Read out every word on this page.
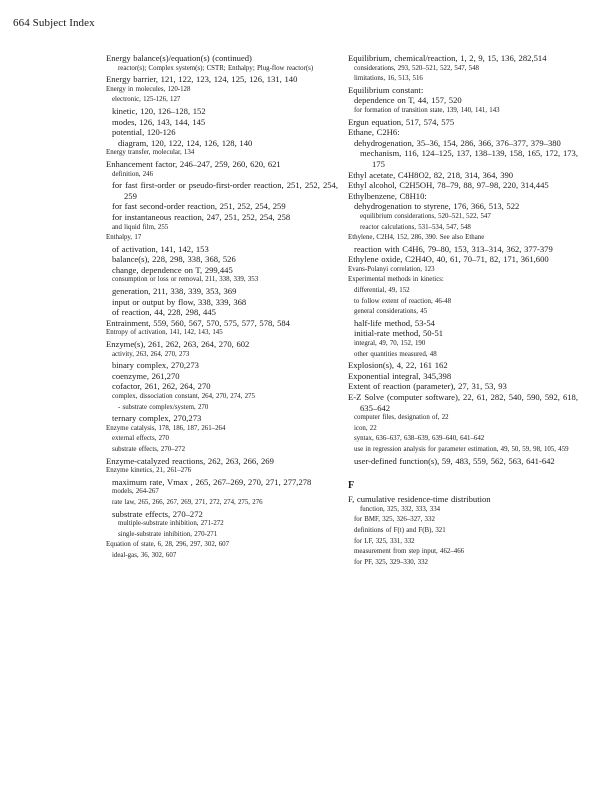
664 Subject Index
Energy balance(s)/equation(s) (continued)
reactor(s); Complex system(s); CSTR; Enthalpy; Plug-flow reactor(s)
Energy barrier, 121, 122, 123, 124, 125, 126, 131, 140
Energy in molecules, 120-128
electronic, 125-126, 127
kinetic, 120, 126–128, 152
modes, 126, 143, 144, 145
potential, 120-126
diagram, 120, 122, 124, 126, 128, 140
Energy transfer, molecular, 134
Enhancement factor, 246–247, 259, 260, 620, 621
definition, 246
for fast first-order or pseudo-first-order reaction, 251, 252, 254, 259
for fast second-order reaction, 251, 252, 254, 259
for instantaneous reaction, 247, 251, 252, 254, 258
and liquid film, 255
Enthalpy, 17
of activation, 141, 142, 153
balance(s), 228, 298, 338, 368, 526
change, dependence on T, 299,445
consumption or loss or removal, 211, 338, 339, 353
generation, 211, 338, 339, 353, 369
input or output by flow, 338, 339, 368
of reaction, 44, 228, 298, 445
Entrainment, 559, 560, 567, 570, 575, 577, 578, 584
Entropy of activation, 141, 142, 143, 145
Enzyme(s), 261, 262, 263, 264, 270, 602
activity, 263, 264, 270, 273
binary complex, 270,273
coenzyme, 261,270
cofactor, 261, 262, 264, 270
complex, dissociation constant, 264, 270, 274, 275
- substrate complex/system, 270
ternary complex, 270,273
Enzyme catalysis, 178, 186, 187, 261–264
external effects, 270
substrate effects, 270–272
Enzyme-catalyzed reactions, 262, 263, 266, 269
Enzyme kinetics, 21, 261–276
maximum rate, Vmax , 265, 267–269, 270, 271, 277,278
models, 264-267
rate law, 265, 266, 267, 269, 271, 272, 274, 275, 276
substrate effects, 270–272
multiple-substrate inhibition, 271-272
single-substrate inhibition, 270-271
Equation of state, 6, 28, 296, 297, 302, 607
ideal-gas, 36, 302, 607
Equilibrium, chemical/reaction, 1, 2, 9, 15, 136, 282,514
considerations, 293, 520–521, 522, 547, 548
limitations, 16, 513, 516
Equilibrium constant:
dependence on T, 44, 157, 520
for formation of transition state, 139, 140, 141, 143
Ergun equation, 517, 574, 575
Ethane, C2H6:
dehydrogenation, 35–36, 154, 286, 366, 376–377, 379–380
mechanism, 116, 124–125, 137, 138–139, 158, 165, 172, 173, 175
Ethyl acetate, C4H8O2, 82, 218, 314, 364, 390
Ethyl alcohol, C2H5OH, 78–79, 88, 97–98, 220, 314,445
Ethylbenzene, C8H10:
dehydrogenation to styrene, 176, 366, 513, 522
equilibrium considerations, 520–521, 522, 547
reactor calculations, 531–534, 547, 548
Ethylene, C2H4, 152, 286, 390. See also Ethane
reaction with C4H6, 79–80, 153, 313–314, 362, 377-379
Ethylene oxide, C2H4O, 40, 61, 70–71, 82, 171, 361,600
Evans-Polanyi correlation, 123
Experimental methods in kinetics:
differential, 49, 152
to follow extent of reaction, 46-48
general considerations, 45
half-life method, 53-54
initial-rate method, 50-51
integral, 49, 70, 152, 190
other quantities measured, 48
Explosion(s), 4, 22, 161 162
Exponential integral, 345,398
Extent of reaction (parameter), 27, 31, 53, 93
E-Z Solve (computer software), 22, 61, 282, 540, 590, 592, 618, 635–642
computer files, designation of, 22
icon, 22
syntax, 636–637, 638–639, 639–640, 641–642
use in regression analysis for parameter estimation, 49, 50, 59, 98, 105, 459
user-defined function(s), 59, 483, 559, 562, 563, 641-642
F
F, cumulative residence-time distribution
function, 325, 332, 333, 334
for BMF, 325, 326–327, 332
definitions of F(t) and F(B), 321
for LF, 325, 331, 332
measurement from step input, 462–466
for PF, 325, 329–330, 332
